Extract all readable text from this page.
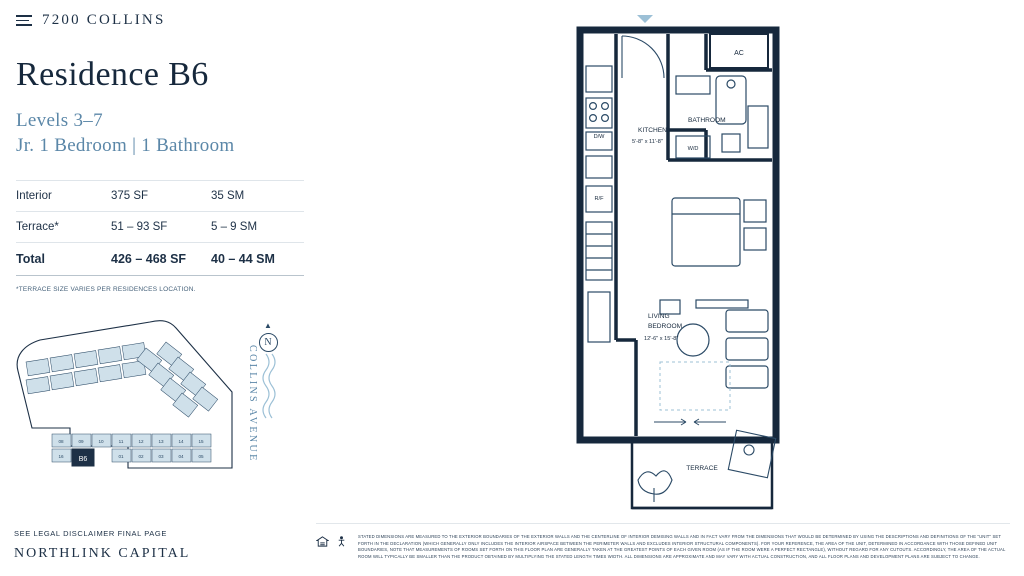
7200 COLLINS
Residence B6
Levels 3–7
Jr. 1 Bedroom | 1 Bathroom
Interior	375 SF	35 SM
Terrace*	51 – 93 SF	5 – 9 SM
Total	426 – 468 SF	40 – 44 SM
*TERRACE SIZE VARIES PER RESIDENCES LOCATION.
B6
08	09	10	11	12	13	14	15
16	01	02	03	04	05
▲
N
COLLINS AVENUE
AC
D/W
R/F
KITCHEN
5'-8" x 11'-8"
BATHROOM
W/D
LIVING
BEDROOM
12'-6" x 15'-8"
TERRACE
SEE LEGAL DISCLAIMER FINAL PAGE
NORTHLINK CAPITAL
STATED DIMENSIONS ARE MEASURED TO THE EXTERIOR BOUNDARIES OF THE EXTERIOR WALLS AND THE CENTERLINE OF INTERIOR DEMISING WALLS AND IN FACT VARY FROM THE DIMENSIONS THAT WOULD BE DETERMINED BY USING THE DESCRIPTIONS AND DEFINITIONS OF THE "UNIT" SET FORTH IN THE DECLARATION (WHICH GENERALLY ONLY INCLUDES THE INTERIOR AIRSPACE BETWEEN THE PERIMETER WALLS AND EXCLUDES INTERIOR STRUCTURAL COMPONENTS). FOR YOUR REFERENCE, THE AREA OF THE UNIT, DETERMINED IN ACCORDANCE WITH THOSE DEFINED UNIT BOUNDARIES, NOTE THAT MEASUREMENTS OF ROOMS SET FORTH ON THIS FLOOR PLAN ARE GENERALLY TAKEN AT THE GREATEST POINTS OF EACH GIVEN ROOM (AS IF THE ROOM WERE A PERFECT RECTANGLE), WITHOUT REGARD FOR ANY CUTOUTS. ACCORDINGLY, THE AREA OF THE ACTUAL ROOM WILL TYPICALLY BE SMALLER THAN THE PRODUCT OBTAINED BY MULTIPLYING THE STATED LENGTH TIMES WIDTH. ALL DIMENSIONS ARE APPROXIMATE AND MAY VARY WITH ACTUAL CONSTRUCTION, AND ALL FLOOR PLANS AND DEVELOPMENT PLANS ARE SUBJECT TO CHANGE.
